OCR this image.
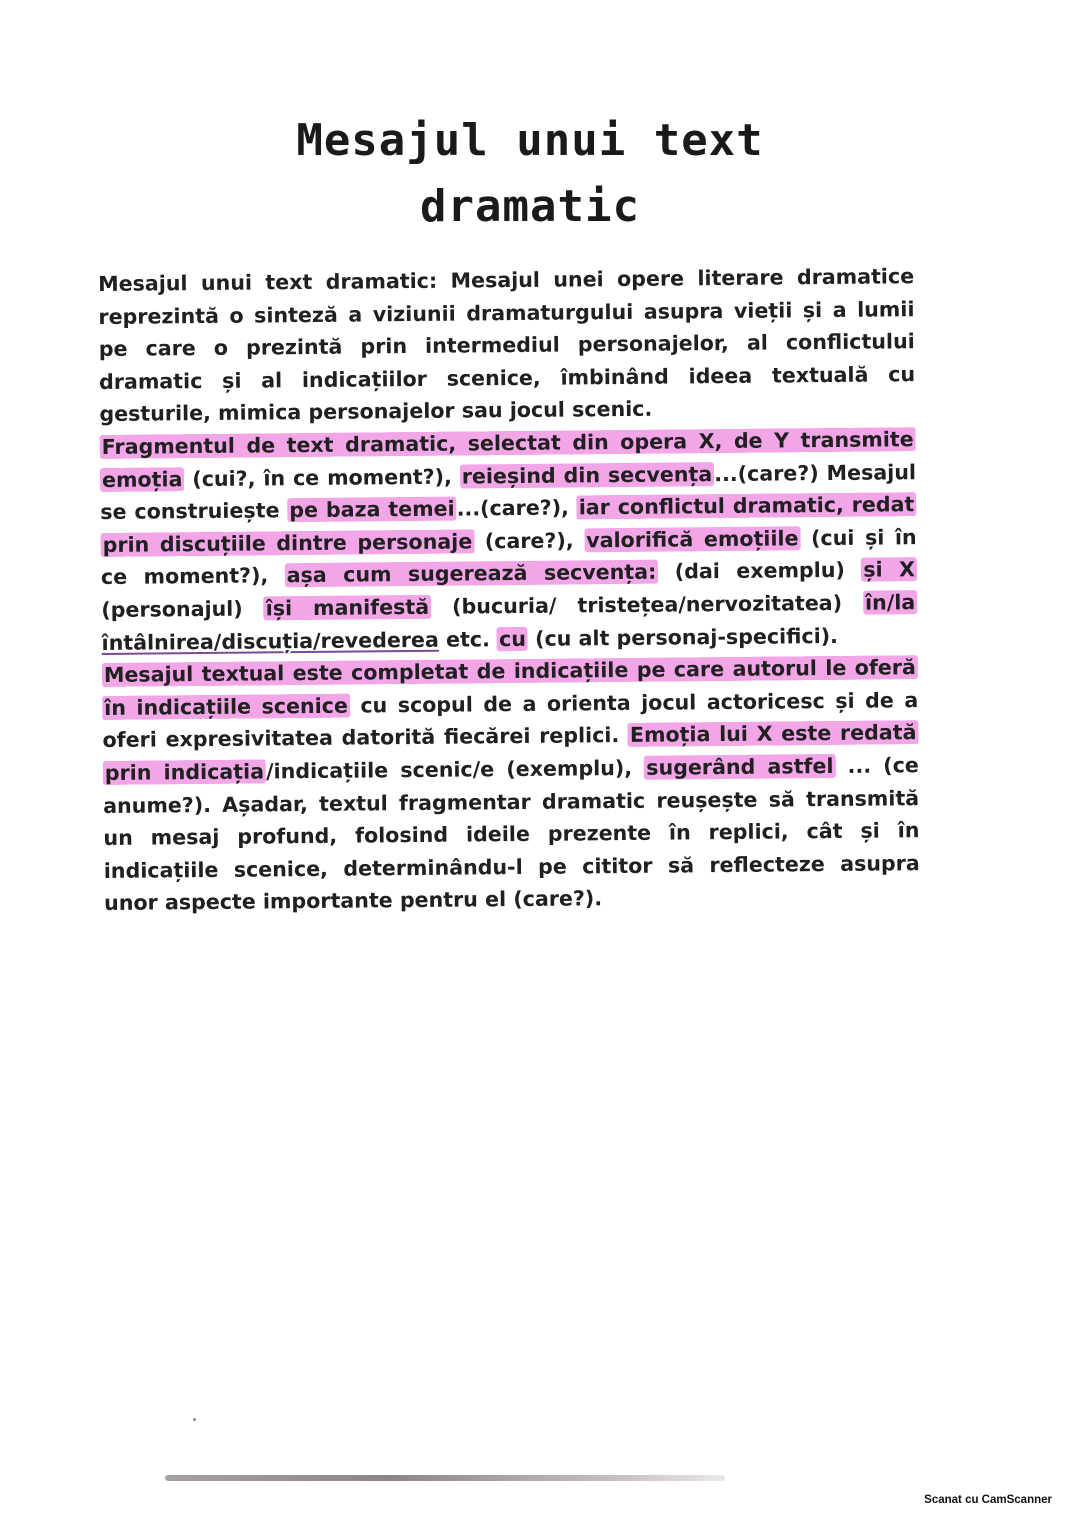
Mesajul unui text
dramatic

Mesajul unui text dramatic: Mesajul unei opere literare dramatice reprezintă o sinteză a viziunii dramaturgului asupra vieții și a lumii pe care o prezintă prin intermediul personajelor, al conflictului dramatic și al indicațiilor scenice, îmbinând ideea textuală cu gesturile, mimica personajelor sau jocul scenic.

Fragmentul de text dramatic, selectat din opera X, de Y transmite emoția (cui?, în ce moment?), reieșind din secvența...(care?) Mesajul se construiește pe baza temei...(care?), iar conflictul dramatic, redat prin discuțiile dintre personaje (care?), valorifică emoțiile (cui și în ce moment?), așa cum sugerează secvența: (dai exemplu) și X (personajul) își manifestă (bucuria/ tristețea/nervozitatea) în/la întâlnirea/discuția/revederea etc. cu (cu alt personaj-specifici).

Mesajul textual este completat de indicațiile pe care autorul le oferă în indicațiile scenice cu scopul de a orienta jocul actoricesc și de a oferi expresivitatea datorită fiecărei replici. Emoția lui X este redată prin indicația/indicațiile scenic/e (exemplu), sugerând astfel ... (ce anume?). Așadar, textul fragmentar dramatic reușește să transmită un mesaj profund, folosind ideile prezente în replici, cât și în indicațiile scenice, determinându-l pe cititor să reflecteze asupra unor aspecte importante pentru el (care?).

Scanat cu CamScanner
